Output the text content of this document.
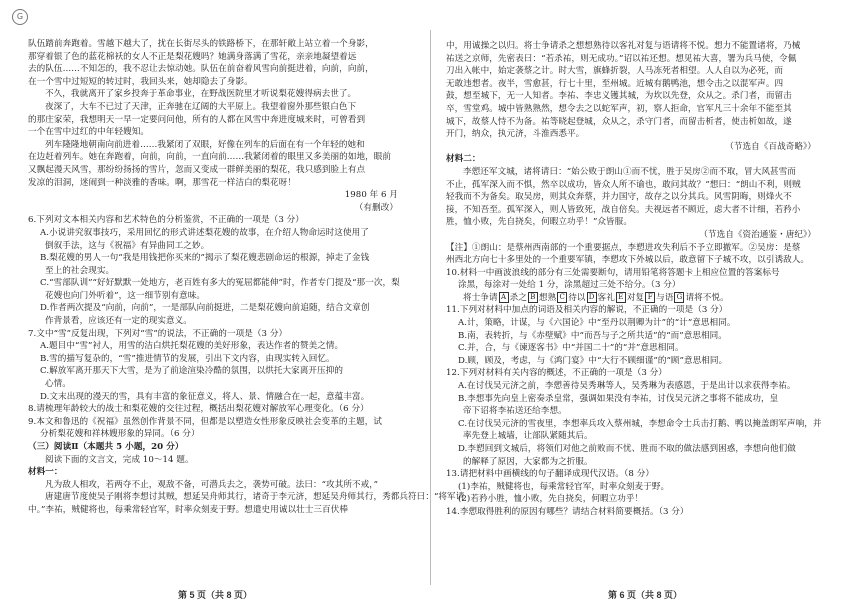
G
队伍踏前奔跑着。雪越下越大了，扰在长街尽头的铁路桥下，在那轩敞上站立着一个身影，
那穿着银了色的蓝花棉袄的女人不正是梨花嫂吗？她满身落满了雪花，亲亲地凝望着远
去的队伍……不知怎的，我不忍让去惊动她。队伍在前奋着风雪向前挺进着，向前，向前，
在一个雪中过短短的转过时，我回头来，她却隐去了身影。
不久，我就离开了家乡投奔于革命事业，在野战医院里才听说梨花嫂得病去世了。
夜深了，大车不已过了天津，正奔驰在辽阔的大平原上。我望着窗外那些银白色下
的那庄家荣，我想明天一早一定要问问他，所有的人都在风雪中奔进度城来时，可曾看到
一个在雪中过红的中年轻嫂知。
列车隆隆地朝南向前进着……我紧闭了双眼，好像在列车的后面在有一个年轻的她和
在边赶着列车。她在奔跑着，向前，向前，一直向前……我紧闭着的眼里又多美丽的如地，眼前
又飘起漫天风雪，那纷纷扬扬的雪片，忽而又变成一群鲜美丽的梨花，我只感到脸上有点
发凉的泪洞，迷闹到一种淡雅的香味。啊，那雪花一样洁白的梨花呀！
1980 年 6 月
（有删改）
6.下列对文本相关内容和艺术特色的分析鉴赏，不正确的一项是（3 分）
A.小说讲究叙事技巧，采用回忆的形式讲述梨花嫂的故事，在介绍人物命运时这使用了
倒叙手法，这与《祝福》有异曲同工之妙。
B.梨花嫂的男人一句“我是用钱把你买来的”揭示了梨花嫂悲剧命运的根源，掉走了金钱
至上的社会现实。
C.“雪部队训”“好好默默一处地方，老百姓有多大的冤屈都能伸”时，作者专门提及“那一次，梨
花嫂也向门外听着”，这一细节别有意味。
D.作者两次提及“向前，向前”，一是部队向前挺进，二是梨花嫂向前追随，结合文章创
作背景看，应该还有一定的现实意义。
7.文中“雪”反复出现，下列对“雪”的说法，不正确的一项是（3 分）
A.题目中“雪”衬人，用雪的洁白烘托梨花嫂的美好形象，表达作者的赞美之情。
B.雪的描写复杂的，“雪”推进情节的发展，引出下文内容，由现实转入回忆。
C.解放军离开那天下大雪，是为了前途渲染冷酷的氛围，以烘托大家离开压抑的
心情。
D.文末出现的漫天的雪，具有丰富的象征意义，将人、景、情融合在一起，意蕴丰富。
8.请梳理年龄较大的战士和梨花嫂的交往过程，概括出梨花嫂对解放军心理变化。（6 分）
9.本文和鲁迅的《祝福》虽然创作背景不同，但都是以塑造女性形象反映社会变革的主题，试
分析梨花嫂和祥林嫂形象的异同。（6 分）
（三）阅读Ⅱ（本题共 5 小题，20 分）
阅读下面的文言文，完成 10～14 题。
材料一：
凡为敌人相攻，若两夺不止，观敌不备，可潜兵去之，袭势可破。法曰：“攻其所不戒，”
唐建唐节度使吴子刚将李想讨其贼，想延吴舟师其行，诸奇于李元济，想延吴舟师其行，秀都兵符曰：“将军请
中。”李祐，贼健将也，每乘常轻官军，时率众刻麦于野。想遣史用诚以壮士三百伏棒
第 5 页（共 8 页）
中，用诚操之以归。将士争请杀之想想熟待以客礼对复与语请将不悦。想力不能置诸将，乃械
祐送之京师，先密表曰：“若杀祐，则无成功。”诏以祐还想。想见祐大喜，署为兵马使，令佩
刀出入帐中，始定袭蔡之计。时大雪，旗蜂折裂，人马冻死者相望。人人自以为必死，而
无敢违想者。夜半，雪愈甚，行七十里，至州城。近城有鹅鸭池，想令击之以混军声。四
鼓，想至城下，无一人知者。李祐、李忠义镬其城，为坎以先登，众从之。杀门者，而留击
卒，雪堂鸡。城中皆熟熟然，想令去之以蛇军声，初，察人拒命，官军凡三十余年不能至其
城下，故蔡人恃不为备。祐等晓起登城，众从之，杀守门者，而留击析者，使击析如故，遂
开门，纳众，执元济，斗淮西悉平。
（节选自《百战奇略》）
材料二：
李愬还军文城，诸将请曰：“始公败于朗山①而不忧，胜于吴房②而不取，冒大风甚雪而
不止，孤军深入而不惧，然卒以成功，皆众人所不谕也，敢问其故？”想曰：“朗山不利，则贼
轻我而不为备矣。取吴房，则其众奔蔡，并力国守，故存之以分其兵。风雪阴晦，则烽火不
接，不知吾至。孤军深入，则人皆致死，战自倍矣。夫视远者不顾近，虑大者不计细，若矜小
胜，恤小败，先自挠矣，何暇立功乎！”众皆服。
（节选自《资治通鉴・唐纪》）
【注】①朗山：是蔡州西南部的一个重要据点，李愬进攻失利后不予立即撤军。②吴房：是蔡
州西北方向七十多里处的一个重要军镇，李愬攻下外城以后，敢意留下子城不攻，以引诱敌人。
10.材料一中画波浪线的部分有三处需要断句，请用铅笔将答题卡上相应位置的答案标号
涂黑，每涂对一处给 1 分，涂黑超过三处不给分。（3 分）
将士争请 A 杀之 B 想熟 C 待以 D 客礼 E 对复 F 与语 G 请将不悦。
11.下列对材料中加点的词语及相关内容的解说，不正确的一项是（3 分）
A.计，策略，计谋，与《六国论》中“至丹以荆卿为计”的“计”意思相同。
B.南，表转折，与《赤壁赋》中“而吾与子之所共适”的“而”意思相同。
C.并，合，与《谏逐客书》中“并国二十”的“并”意思相同。
D.顾，顾及，考虑，与《鸿门宴》中“大行不顾细谨”的“顾”意思相同。
12.下列对材料有关内容的概述，不正确的一项是（3 分）
A.在讨伐吴元济之前，李愬善待吴秀琳等人，吴秀琳为表感恩，于是出计以求获得李祐。
B.李想事先向皇上密奏杀皇常，强调如果没有李祐，讨伐吴元济之事将不能成功，皇
帝下诏将李祐送还给李想。
C.在讨伐吴元济的雪夜里，李想率兵攻入蔡州城，李想命令士兵击打鹅、鸭以掩盖朗军声响，并
率先登上城墙，让部队紧随其后。
D.李愬回到文城后，将领们对他之前败而不忧、胜而不取的做法感到困惑，李想向他们做
的解释了原因，大家都为之折服。
13.请把材料中画横线的句子翻译成现代汉语。（8 分）
(1)李祐，贼健将也，每乘常轻官军，时率众刻麦于野。
(2)若矜小胜，恤小败，先自挠矣，何暇立功乎！
14.李愬取得胜利的原因有哪些？请结合材料简要概括。（3 分）
第 6 页（共 8 页）
